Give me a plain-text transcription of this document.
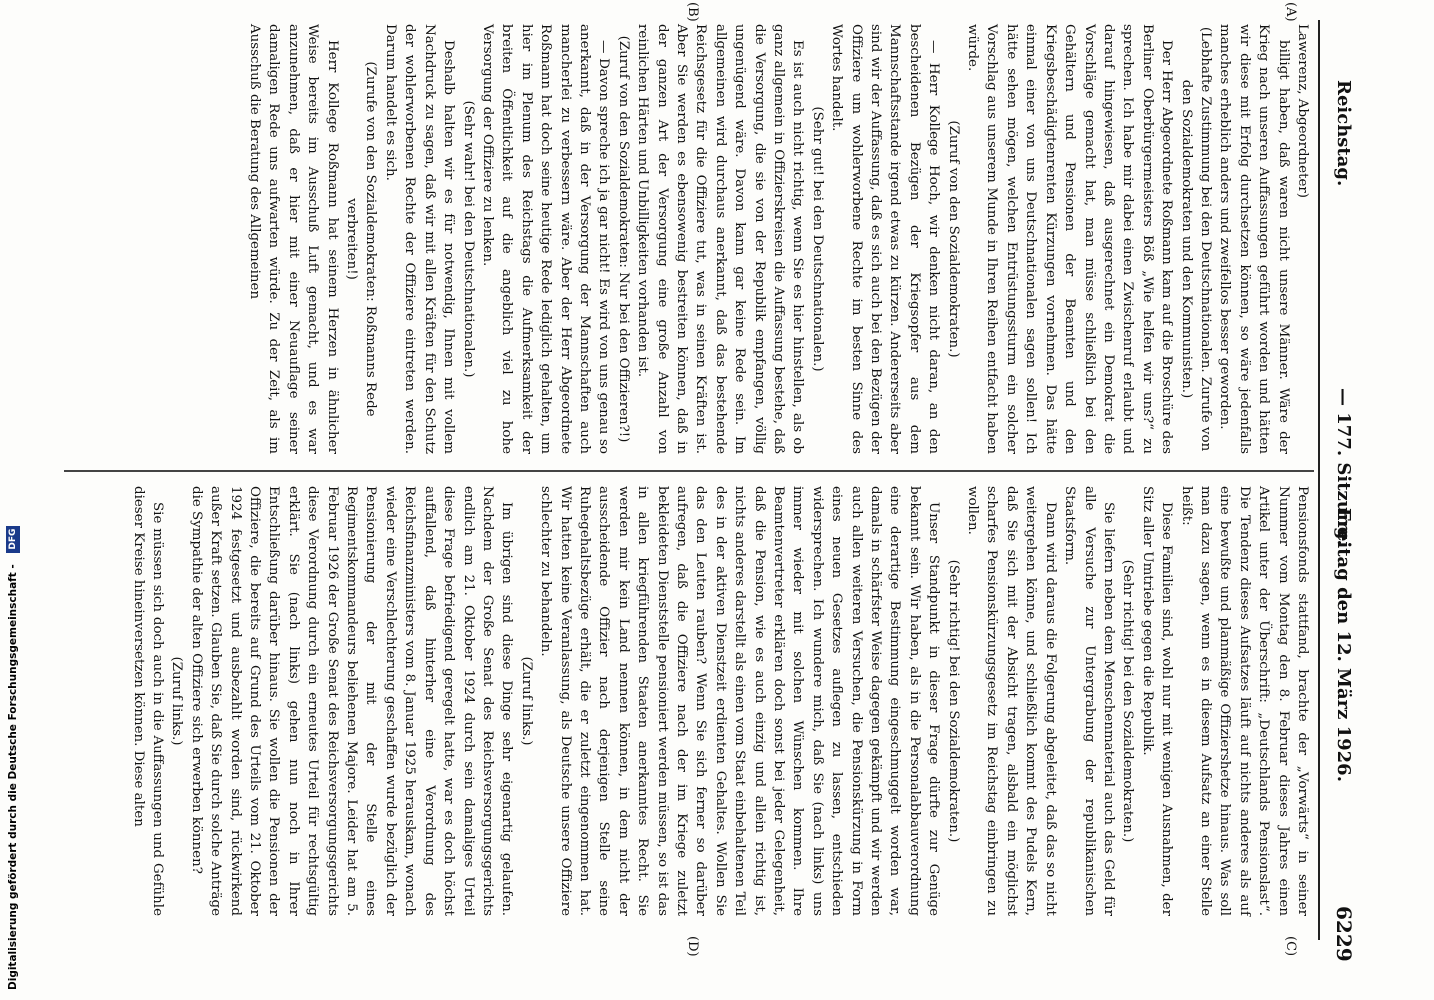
Reichstag.
— 177. Sitzung.
Freitag den 12. März 1926.
6229

Lawerenz, Abgeordneter)

billigt haben, daß waren nicht unsere Männer. Wäre der Krieg nach unseren Auffassungen geführt worden und hätten wir diese mit Erfolg durchsetzen können, so wäre jedenfalls manches erheblich anders und zweifellos besser geworden.

(Lebhafte Zustimmung bei den Deutschnationalen. Zurufe von den Sozialdemokraten und den Kommunisten.)

Der Herr Abgeordnete Roßmann kam auf die Broschüre des Berliner Oberbürgermeisters Böß „Wie helfen wir uns?“ zu sprechen. Ich habe mir dabei einen Zwischenruf erlaubt und darauf hingewiesen, daß ausgerechnet ein Demokrat die Vorschläge gemacht hat, man müsse schließlich bei den Gehältern und Pensionen der Beamten und den Kriegsbeschädigtenrenten Kürzungen vornehmen. Das hätte einmal einer von uns Deutschnationalen sagen sollen! Ich hätte sehen mögen, welchen Entrüstungssturm ein solcher Vorschlag aus unserem Munde in Ihren Reihen entfacht haben würde.

(Zuruf von den Sozialdemokraten.)

— Herr Kollege Hoch, wir denken nicht daran, an den bescheidenen Bezügen der Kriegsopfer aus dem Mannschaftsstande irgend etwas zu kürzen. Andererseits aber sind wir der Auffassung, daß es sich auch bei den Bezügen der Offiziere um wohlerworbene Rechte im besten Sinne des Wortes handelt.

(Sehr gut! bei den Deutschnationalen.)

Es ist auch nicht richtig, wenn Sie es hier hinstellen, als ob ganz allgemein in Offizierskreisen die Auffassung bestehe, daß die Versorgung, die sie von der Republik empfangen, völlig ungenügend wäre. Davon kann gar keine Rede sein. Im allgemeinen wird durchaus anerkannt, daß das bestehende Reichsgesetz für die Offiziere tut, was in seinen Kräften ist. Aber Sie werden es ebensowenig bestreiten können, daß in der ganzen Art der Versorgung eine große Anzahl von reinlichen Härten und Unbilligkeiten vorhanden ist.

(Zuruf von den Sozialdemokraten: Nur bei den Offizieren?!)

— Davon spreche ich ja gar nicht! Es wird von uns genau so anerkannt, daß in der Versorgung der Mannschaften auch mancherlei zu verbessern wäre. Aber der Herr Abgeordnete Roßmann hat doch seine heutige Rede lediglich gehalten, um hier im Plenum des Reichstags die Aufmerksamkeit der breiten Öffentlichkeit auf die angeblich viel zu hohe Versorgung der Offiziere zu lenken.

(Sehr wahr! bei den Deutschnationalen.)

Deshalb halten wir es für notwendig, Ihnen mit vollem Nachdruck zu sagen, daß wir mit allen Kräften für den Schutz der wohlerworbenen Rechte der Offiziere eintreten werden. Darum handelt es sich.

(Zurufe von den Sozialdemokraten: Roßmanns Rede verbreiten!)

Herr Kollege Roßmann hat seinem Herzen in ähnlicher Weise bereits im Ausschuß Luft gemacht, und es war anzunehmen, daß er hier mit einer Neuauflage seiner damaligen Rede uns aufwarten würde. Zu der Zeit, als im Ausschuß die Beratung des Allgemeinen

Pensionsfonds stattfand, brachte der „Vorwärts“ in seiner Nummer vom Montag den 8. Februar dieses Jahres einen Artikel unter der Überschrift: „Deutschlands Pensionslast“. Die Tendenz dieses Aufsatzes läuft auf nichts anderes als auf eine bewußte und planmäßige Offiziershetze hinaus. Was soll man dazu sagen, wenn es in diesem Aufsatz an einer Stelle heißt:

Diese Familien sind, wohl nur mit wenigen Ausnahmen, der Sitz aller Umtriebe gegen die Republik.

(Sehr richtig! bei den Sozialdemokraten.)

Sie liefern neben dem Menschenmaterial auch das Geld für alle Versuche zur Untergrabung der republikanischen Staatsform.

Dann wird daraus die Folgerung abgeleitet, daß das so nicht weitergehen könne, und schließlich kommt des Pudels Kern, daß Sie sich mit der Absicht tragen, alsbald ein möglichst scharfes Pensionskürzungsgesetz im Reichstag einbringen zu wollen.

(Sehr richtig! bei den Sozialdemokraten.)

Unser Standpunkt in dieser Frage dürfte zur Genüge bekannt sein. Wir haben, als in die Personalabbauverordnung eine derartige Bestimmung eingeschmuggelt worden war, damals in schärfster Weise dagegen gekämpft und wir werden auch allen weiteren Versuchen, die Pensionskürzung in Form eines neuen Gesetzes auflegen zu lassen, entschieden widersprechen. Ich wundere mich, daß Sie (nach links) uns immer wieder mit solchen Wünschen kommen. Ihre Beamtenvertreter erklären doch sonst bei jeder Gelegenheit, daß die Pension, wie es auch einzig und allein richtig ist, nichts anderes darstellt als einen vom Staat einbehaltenen Teil des in der aktiven Dienstzeit erdienten Gehaltes. Wollen Sie das den Leuten rauben? Wenn Sie sich ferner so darüber aufregen, daß die Offiziere nach der im Kriege zuletzt bekleideten Dienststelle pensioniert werden müssen, so ist das in allen kriegführenden Staaten anerkanntes Recht. Sie werden mir kein Land nennen können, in dem nicht der ausscheidende Offizier nach derjenigen Stelle seine Ruhegehaltsbezüge erhält, die er zuletzt eingenommen hat. Wir hatten keine Veranlassung, als Deutsche unsere Offiziere schlechter zu behandeln.

(Zuruf links.)

Im übrigen sind diese Dinge sehr eigenartig gelaufen. Nachdem der Große Senat des Reichsversorgungsgerichts endlich am 21. Oktober 1924 durch sein damaliges Urteil diese Frage befriedigend geregelt hatte, war es doch höchst auffallend, daß hinterher eine Verordnung des Reichsfinanzministers vom 8. Januar 1925 herauskam, wonach wieder eine Verschlechterung geschaffen wurde bezüglich der Pensionierung der mit der Stelle eines Regimentskommandeurs beliehenen Majore. Leider hat am 5. Februar 1926 der Große Senat des Reichsversorgungsgerichts diese Verordnung durch ein erneutes Urteil für rechtsgültig erklärt. Sie (nach links) gehen nun noch in Ihrer Entschließung darüber hinaus. Sie wollen die Pensionen der Offiziere, die bereits auf Grund des Urteils vom 21. Oktober 1924 festgesetzt und ausbezahlt worden sind, rückwirkend außer Kraft setzen. Glauben Sie, daß Sie durch solche Anträge die Sympathie der alten Offiziere sich erwerben können?

(Zuruf links.)

Sie müssen sich doch auch in die Auffassungen und Gefühle dieser Kreise hineinversetzen können. Diese alten

(A)
(B)
(C)
(D)
Digitalisierung gefördert durch die Deutsche Forschungsgemeinschaft - DFG
